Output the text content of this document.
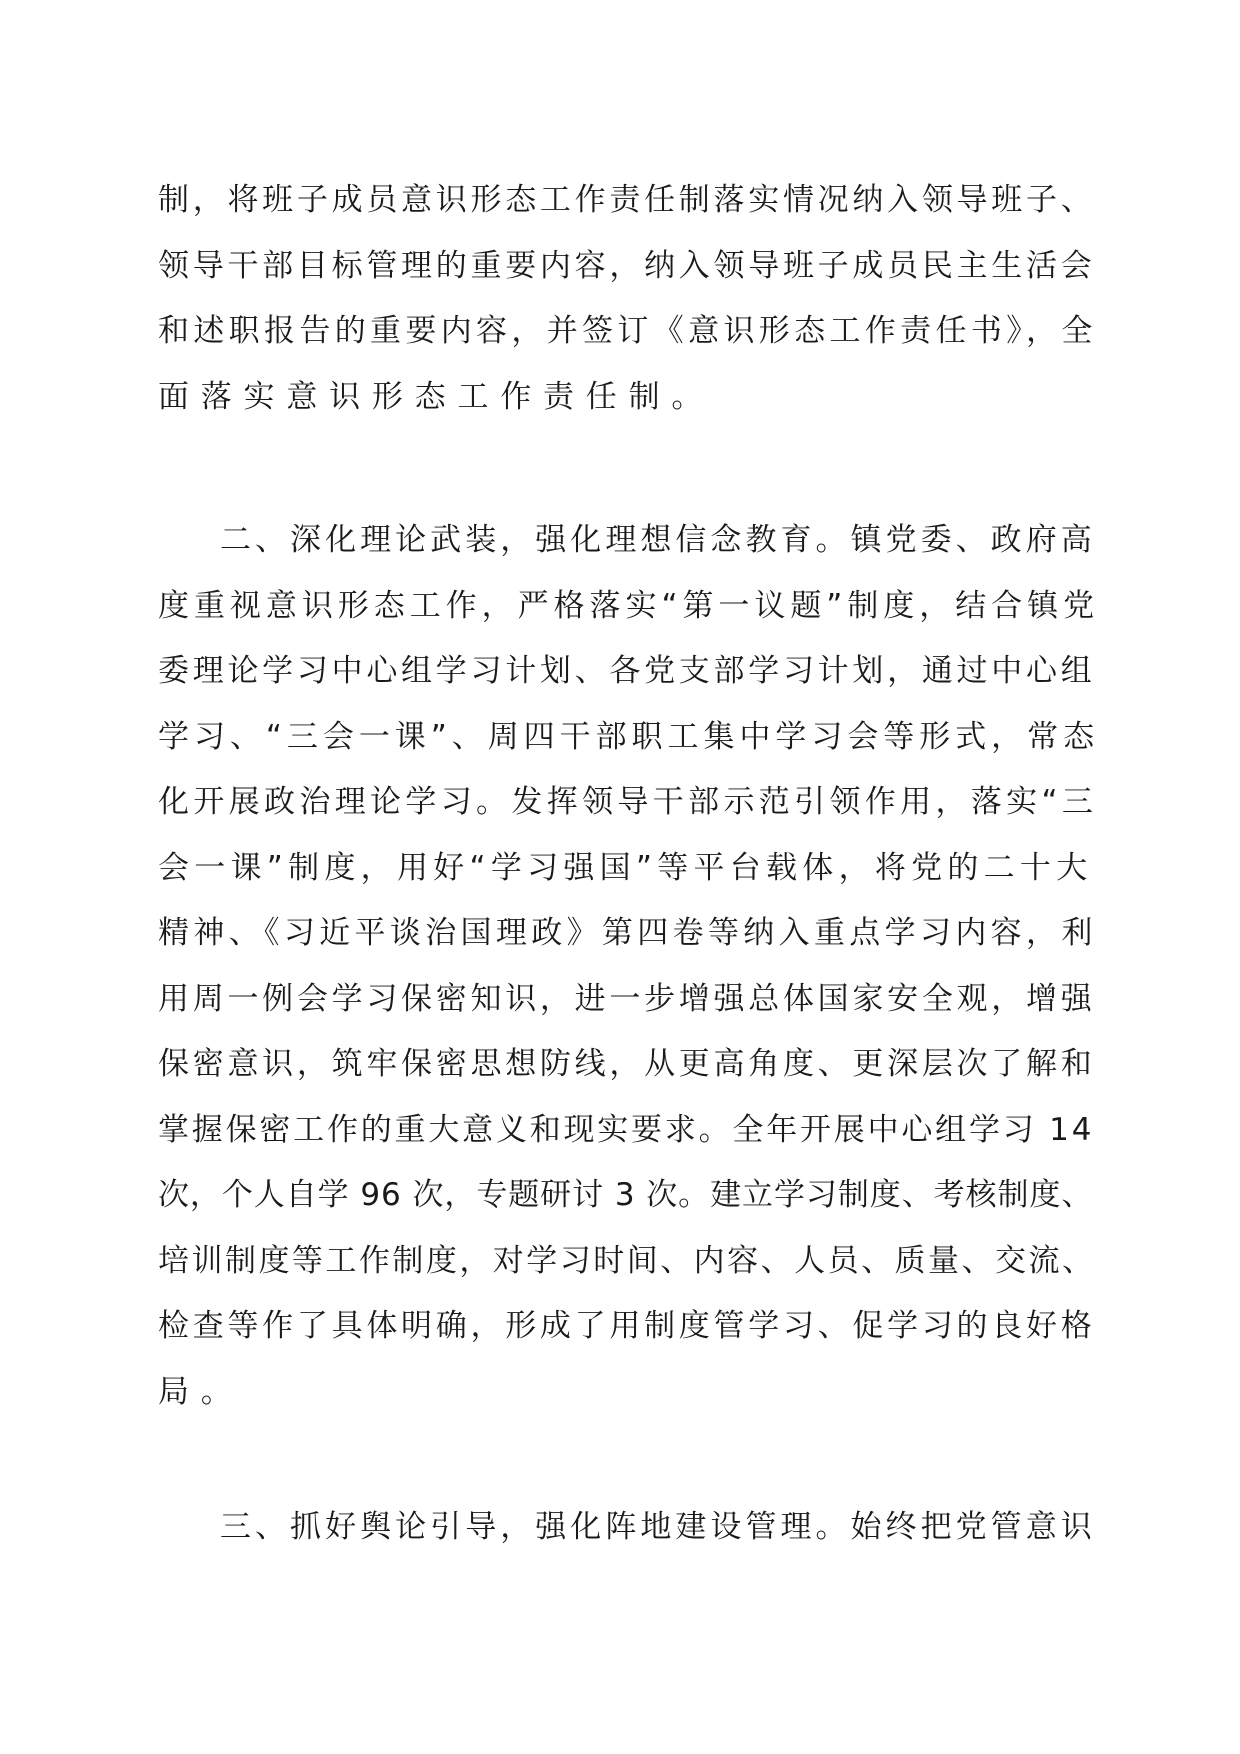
制，将班子成员意识形态工作责任制落实情况纳入领导班子、
领导干部目标管理的重要内容，纳入领导班子成员民主生活会
和述职报告的重要内容，并签订《意识形态工作责任书》，全
面落实意识形态工作责任制。
二、深化理论武装，强化理想信念教育。镇党委、政府高
度重视意识形态工作，严格落实“第一议题”制度，结合镇党
委理论学习中心组学习计划、各党支部学习计划，通过中心组
学习、“三会一课”、周四干部职工集中学习会等形式，常态
化开展政治理论学习。发挥领导干部示范引领作用，落实“三
会一课”制度，用好“学习强国”等平台载体，将党的二十大
精神、《习近平谈治国理政》第四卷等纳入重点学习内容，利
用周一例会学习保密知识，进一步增强总体国家安全观，增强
保密意识，筑牢保密思想防线，从更高角度、更深层次了解和
掌握保密工作的重大意义和现实要求。全年开展中心组学习 14
次，个人自学 96 次，专题研讨 3 次。建立学习制度、考核制度、
培训制度等工作制度，对学习时间、内容、人员、质量、交流、
检查等作了具体明确，形成了用制度管学习、促学习的良好格
局。
三、抓好舆论引导，强化阵地建设管理。始终把党管意识
